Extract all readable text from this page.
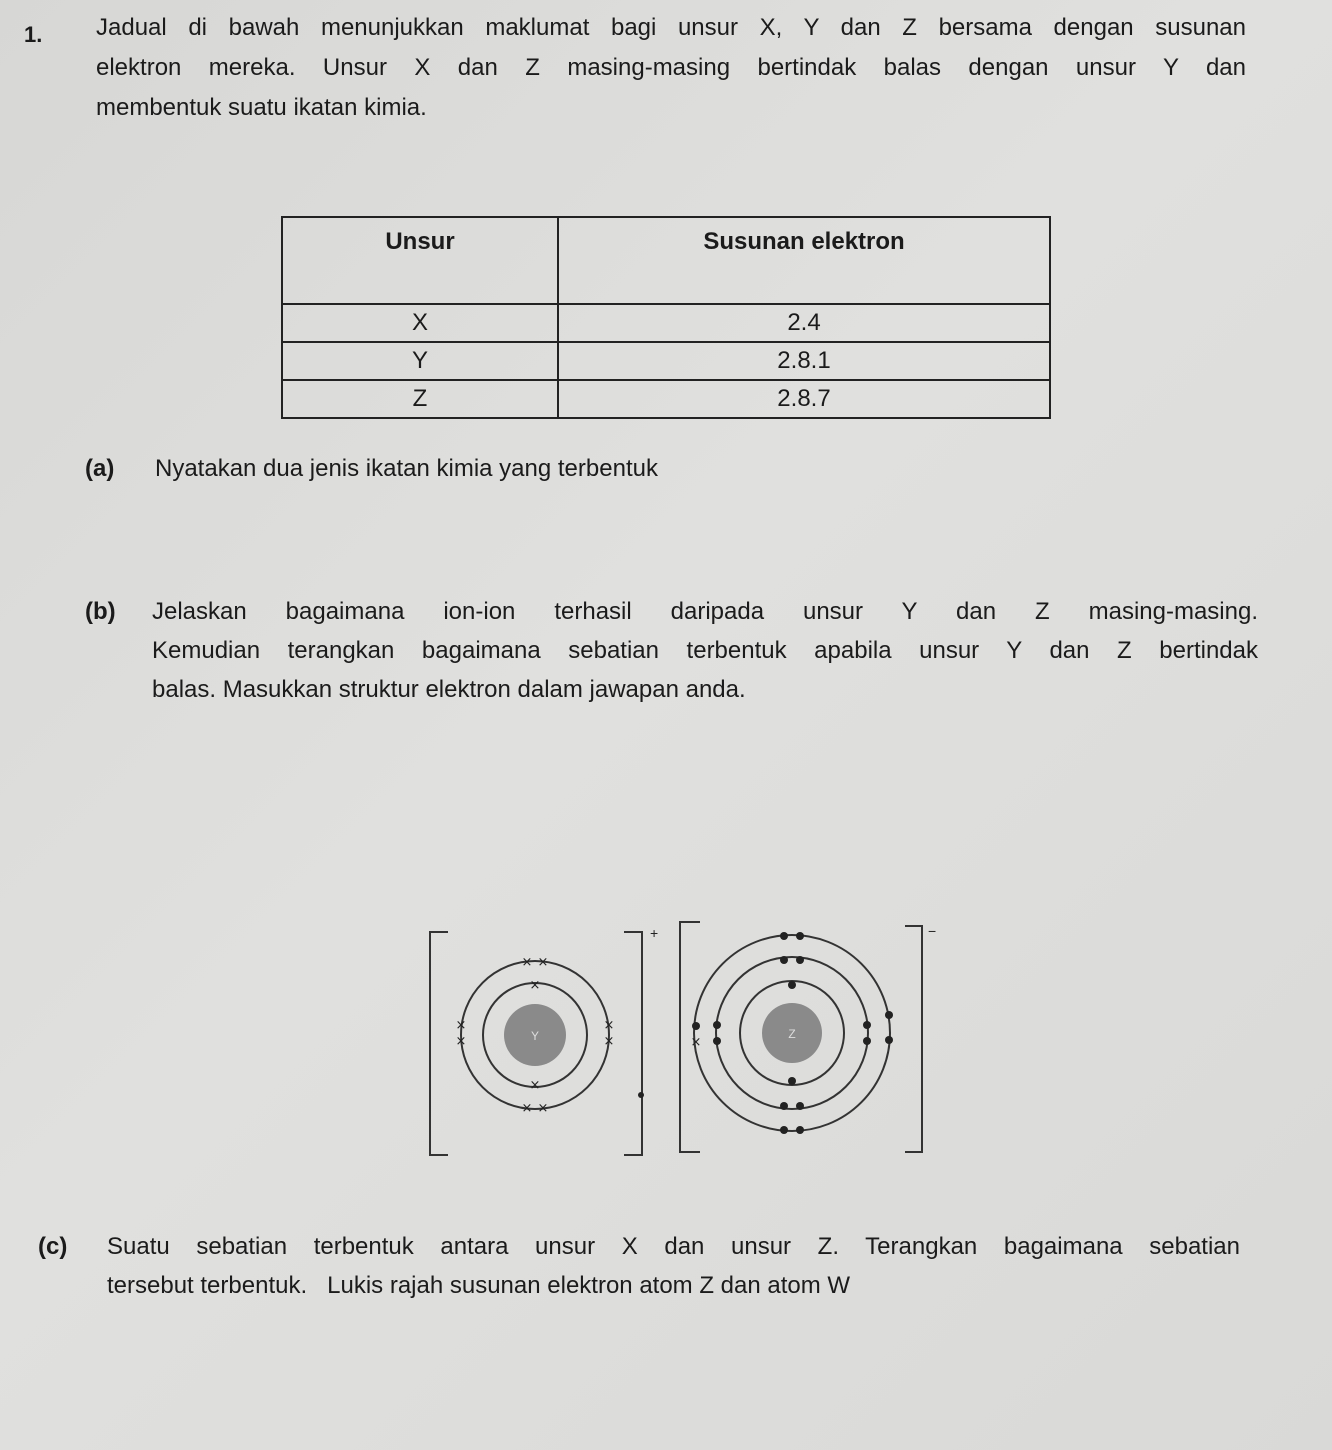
1. Jadual di bawah menunjukkan maklumat bagi unsur X, Y dan Z bersama dengan susunan
elektron mereka. Unsur X dan Z masing-masing bertindak balas dengan unsur Y dan
membentuk suatu ikatan kimia.
Unsur	Susunan elektron
X	2.4
Y	2.8.1
Z	2.8.7
(a) Nyatakan dua jenis ikatan kimia yang terbentuk
(b) Jelaskan bagaimana ion-ion terhasil daripada unsur Y dan Z masing-masing.
Kemudian terangkan bagaimana sebatian terbentuk apabila unsur Y dan Z bertindak
balas. Masukkan struktur elektron dalam jawapan anda.
+
Y
×
×
× ×
× ×
×
×
×
×
−
Z
×
(c) Suatu sebatian terbentuk antara unsur X dan unsur Z. Terangkan bagaimana sebatian
tersebut terbentuk.   Lukis rajah susunan elektron atom Z dan atom W
